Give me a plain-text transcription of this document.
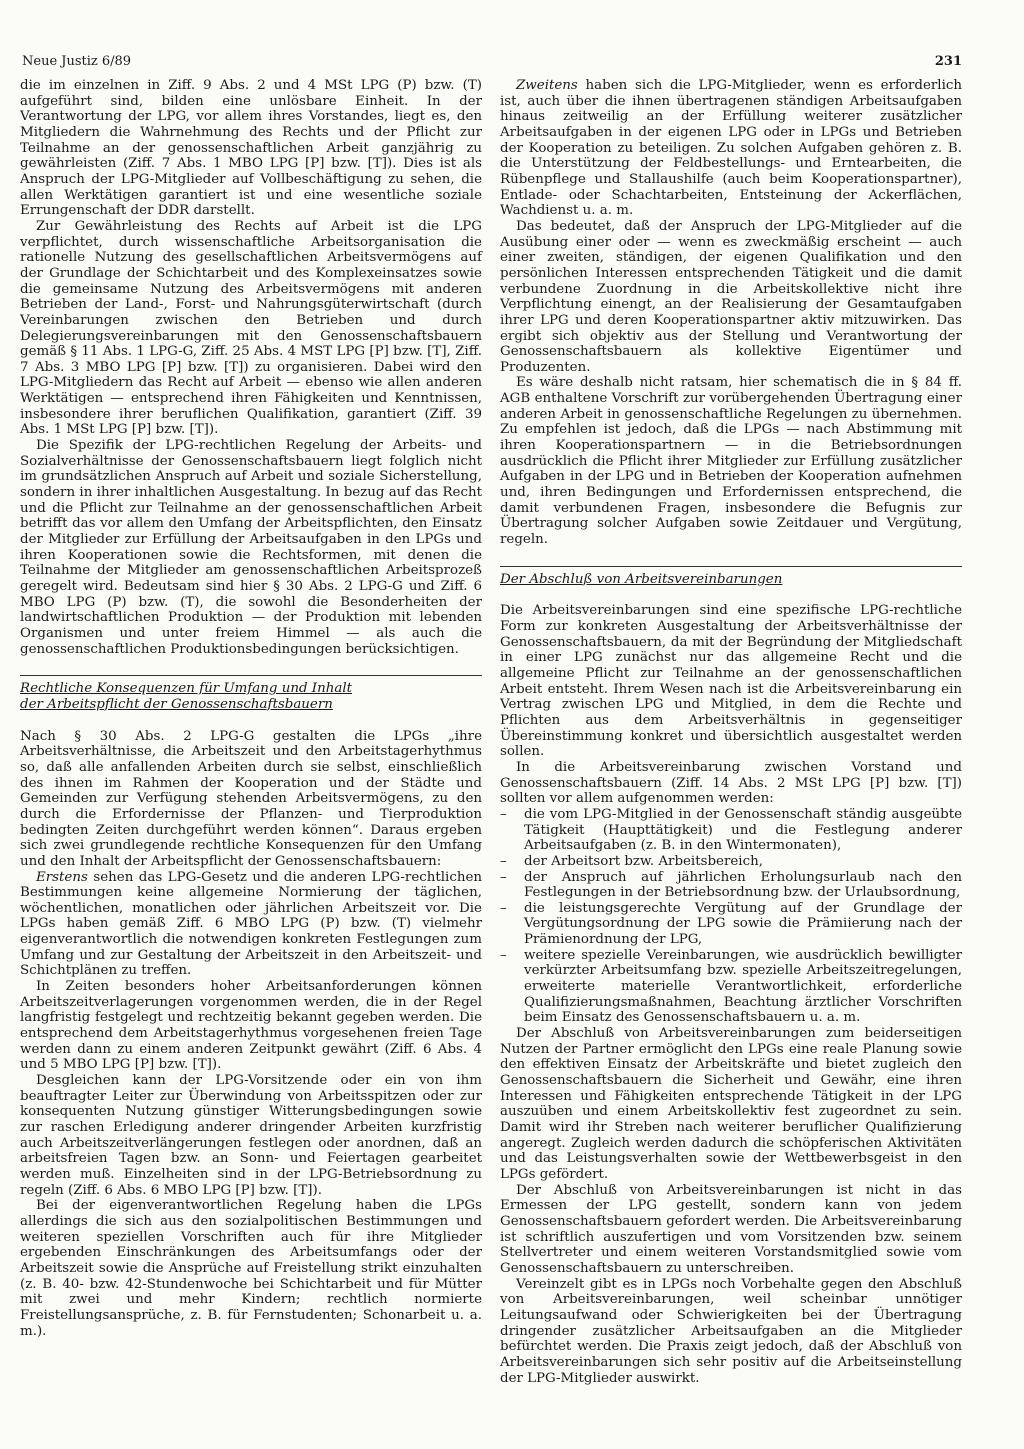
Neue Justiz 6/89	231

die im einzelnen in Ziff. 9 Abs. 2 und 4 MSt LPG (P) bzw. (T) aufgeführt sind, bilden eine unlösbare Einheit. In der Verantwortung der LPG, vor allem ihres Vorstandes, liegt es, den Mitgliedern die Wahrnehmung des Rechts und der Pflicht zur Teilnahme an der genossenschaftlichen Arbeit ganzjährig zu gewährleisten (Ziff. 7 Abs. 1 MBO LPG [P] bzw. [T]). Dies ist als Anspruch der LPG-Mitglieder auf Vollbeschäftigung zu sehen, die allen Werktätigen garantiert ist und eine wesentliche soziale Errungenschaft der DDR darstellt.

Zur Gewährleistung des Rechts auf Arbeit ist die LPG verpflichtet, durch wissenschaftliche Arbeitsorganisation die rationelle Nutzung des gesellschaftlichen Arbeitsvermögens auf der Grundlage der Schichtarbeit und des Komplexeinsatzes sowie die gemeinsame Nutzung des Arbeitsvermögens mit anderen Betrieben der Land-, Forst- und Nahrungsgüterwirtschaft (durch Vereinbarungen zwischen den Betrieben und durch Delegierungsvereinbarungen mit den Genossenschaftsbauern gemäß § 11 Abs. 1 LPG-G, Ziff. 25 Abs. 4 MST LPG [P] bzw. [T], Ziff. 7 Abs. 3 MBO LPG [P] bzw. [T]) zu organisieren. Dabei wird den LPG-Mitgliedern das Recht auf Arbeit — ebenso wie allen anderen Werktätigen — entsprechend ihren Fähigkeiten und Kenntnissen, insbesondere ihrer beruflichen Qualifikation, garantiert (Ziff. 39 Abs. 1 MSt LPG [P] bzw. [T]).

Die Spezifik der LPG-rechtlichen Regelung der Arbeits- und Sozialverhältnisse der Genossenschaftsbauern liegt folglich nicht im grundsätzlichen Anspruch auf Arbeit und soziale Sicherstellung, sondern in ihrer inhaltlichen Ausgestaltung. In bezug auf das Recht und die Pflicht zur Teilnahme an der genossenschaftlichen Arbeit betrifft das vor allem den Umfang der Arbeitspflichten, den Einsatz der Mitglieder zur Erfüllung der Arbeitsaufgaben in den LPGs und ihren Kooperationen sowie die Rechtsformen, mit denen die Teilnahme der Mitglieder am genossenschaftlichen Arbeitsprozeß geregelt wird. Bedeutsam sind hier § 30 Abs. 2 LPG-G und Ziff. 6 MBO LPG (P) bzw. (T), die sowohl die Besonderheiten der landwirtschaftlichen Produktion — der Produktion mit lebenden Organismen und unter freiem Himmel — als auch die genossenschaftlichen Produktionsbedingungen berücksichtigen.

Rechtliche Konsequenzen für Umfang und Inhalt
der Arbeitspflicht der Genossenschaftsbauern

Nach § 30 Abs. 2 LPG-G gestalten die LPGs „ihre Arbeitsverhältnisse, die Arbeitszeit und den Arbeitstagerhythmus so, daß alle anfallenden Arbeiten durch sie selbst, einschließlich des ihnen im Rahmen der Kooperation und der Städte und Gemeinden zur Verfügung stehenden Arbeitsvermögens, zu den durch die Erfordernisse der Pflanzen- und Tierproduktion bedingten Zeiten durchgeführt werden können“. Daraus ergeben sich zwei grundlegende rechtliche Konsequenzen für den Umfang und den Inhalt der Arbeitspflicht der Genossenschaftsbauern:

Erstens sehen das LPG-Gesetz und die anderen LPG-rechtlichen Bestimmungen keine allgemeine Normierung der täglichen, wöchentlichen, monatlichen oder jährlichen Arbeitszeit vor. Die LPGs haben gemäß Ziff. 6 MBO LPG (P) bzw. (T) vielmehr eigenverantwortlich die notwendigen konkreten Festlegungen zum Umfang und zur Gestaltung der Arbeitszeit in den Arbeitszeit- und Schichtplänen zu treffen.

In Zeiten besonders hoher Arbeitsanforderungen können Arbeitszeitverlagerungen vorgenommen werden, die in der Regel langfristig festgelegt und rechtzeitig bekannt gegeben werden. Die entsprechend dem Arbeitstagerhythmus vorgesehenen freien Tage werden dann zu einem anderen Zeitpunkt gewährt (Ziff. 6 Abs. 4 und 5 MBO LPG [P] bzw. [T]).

Desgleichen kann der LPG-Vorsitzende oder ein von ihm beauftragter Leiter zur Überwindung von Arbeitsspitzen oder zur konsequenten Nutzung günstiger Witterungsbedingungen sowie zur raschen Erledigung anderer dringender Arbeiten kurzfristig auch Arbeitszeitverlängerungen festlegen oder anordnen, daß an arbeitsfreien Tagen bzw. an Sonn- und Feiertagen gearbeitet werden muß. Einzelheiten sind in der LPG-Betriebsordnung zu regeln (Ziff. 6 Abs. 6 MBO LPG [P] bzw. [T]).

Bei der eigenverantwortlichen Regelung haben die LPGs allerdings die sich aus den sozialpolitischen Bestimmungen und weiteren speziellen Vorschriften auch für ihre Mitglieder ergebenden Einschränkungen des Arbeitsumfangs oder der Arbeitszeit sowie die Ansprüche auf Freistellung strikt einzuhalten (z. B. 40- bzw. 42-Stundenwoche bei Schichtarbeit und für Mütter mit zwei und mehr Kindern; rechtlich normierte Freistellungsansprüche, z. B. für Fernstudenten; Schonarbeit u. a. m.).

Zweitens haben sich die LPG-Mitglieder, wenn es erforderlich ist, auch über die ihnen übertragenen ständigen Arbeitsaufgaben hinaus zeitweilig an der Erfüllung weiterer zusätzlicher Arbeitsaufgaben in der eigenen LPG oder in LPGs und Betrieben der Kooperation zu beteiligen. Zu solchen Aufgaben gehören z. B. die Unterstützung der Feldbestellungs- und Erntearbeiten, die Rübenpflege und Stallaushilfe (auch beim Kooperationspartner), Entlade- oder Schachtarbeiten, Entsteinung der Ackerflächen, Wachdienst u. a. m.

Das bedeutet, daß der Anspruch der LPG-Mitglieder auf die Ausübung einer oder — wenn es zweckmäßig erscheint — auch einer zweiten, ständigen, der eigenen Qualifikation und den persönlichen Interessen entsprechenden Tätigkeit und die damit verbundene Zuordnung in die Arbeitskollektive nicht ihre Verpflichtung einengt, an der Realisierung der Gesamtaufgaben ihrer LPG und deren Kooperationspartner aktiv mitzuwirken. Das ergibt sich objektiv aus der Stellung und Verantwortung der Genossenschaftsbauern als kollektive Eigentümer und Produzenten.

Es wäre deshalb nicht ratsam, hier schematisch die in § 84 ff. AGB enthaltene Vorschrift zur vorübergehenden Übertragung einer anderen Arbeit in genossenschaftliche Regelungen zu übernehmen. Zu empfehlen ist jedoch, daß die LPGs — nach Abstimmung mit ihren Kooperationspartnern — in die Betriebsordnungen ausdrücklich die Pflicht ihrer Mitglieder zur Erfüllung zusätzlicher Aufgaben in der LPG und in Betrieben der Kooperation aufnehmen und, ihren Bedingungen und Erfordernissen entsprechend, die damit verbundenen Fragen, insbesondere die Befugnis zur Übertragung solcher Aufgaben sowie Zeitdauer und Vergütung, regeln.

Der Abschluß von Arbeitsvereinbarungen

Die Arbeitsvereinbarungen sind eine spezifische LPG-rechtliche Form zur konkreten Ausgestaltung der Arbeitsverhältnisse der Genossenschaftsbauern, da mit der Begründung der Mitgliedschaft in einer LPG zunächst nur das allgemeine Recht und die allgemeine Pflicht zur Teilnahme an der genossenschaftlichen Arbeit entsteht. Ihrem Wesen nach ist die Arbeitsvereinbarung ein Vertrag zwischen LPG und Mitglied, in dem die Rechte und Pflichten aus dem Arbeitsverhältnis in gegenseitiger Übereinstimmung konkret und übersichtlich ausgestaltet werden sollen.

In die Arbeitsvereinbarung zwischen Vorstand und Genossenschaftsbauern (Ziff. 14 Abs. 2 MSt LPG [P] bzw. [T]) sollten vor allem aufgenommen werden:

– die vom LPG-Mitglied in der Genossenschaft ständig ausgeübte Tätigkeit (Haupttätigkeit) und die Festlegung anderer Arbeitsaufgaben (z. B. in den Wintermonaten),
– der Arbeitsort bzw. Arbeitsbereich,
– der Anspruch auf jährlichen Erholungsurlaub nach den Festlegungen in der Betriebsordnung bzw. der Urlaubsordnung,
– die leistungsgerechte Vergütung auf der Grundlage der Vergütungsordnung der LPG sowie die Prämiierung nach der Prämienordnung der LPG,
– weitere spezielle Vereinbarungen, wie ausdrücklich bewilligter verkürzter Arbeitsumfang bzw. spezielle Arbeitszeitregelungen, erweiterte materielle Verantwortlichkeit, erforderliche Qualifizierungsmaßnahmen, Beachtung ärztlicher Vorschriften beim Einsatz des Genossenschaftsbauern u. a. m.

Der Abschluß von Arbeitsvereinbarungen zum beiderseitigen Nutzen der Partner ermöglicht den LPGs eine reale Planung sowie den effektiven Einsatz der Arbeitskräfte und bietet zugleich den Genossenschaftsbauern die Sicherheit und Gewähr, eine ihren Interessen und Fähigkeiten entsprechende Tätigkeit in der LPG auszuüben und einem Arbeitskollektiv fest zugeordnet zu sein. Damit wird ihr Streben nach weiterer beruflicher Qualifizierung angeregt. Zugleich werden dadurch die schöpferischen Aktivitäten und das Leistungsverhalten sowie der Wettbewerbsgeist in den LPGs gefördert.

Der Abschluß von Arbeitsvereinbarungen ist nicht in das Ermessen der LPG gestellt, sondern kann von jedem Genossenschaftsbauern gefordert werden. Die Arbeitsvereinbarung ist schriftlich auszufertigen und vom Vorsitzenden bzw. seinem Stellvertreter und einem weiteren Vorstandsmitglied sowie vom Genossenschaftsbauern zu unterschreiben.

Vereinzelt gibt es in LPGs noch Vorbehalte gegen den Abschluß von Arbeitsvereinbarungen, weil scheinbar unnötiger Leitungsaufwand oder Schwierigkeiten bei der Übertragung dringender zusätzlicher Arbeitsaufgaben an die Mitglieder befürchtet werden. Die Praxis zeigt jedoch, daß der Abschluß von Arbeitsvereinbarungen sich sehr positiv auf die Arbeitseinstellung der LPG-Mitglieder auswirkt.
